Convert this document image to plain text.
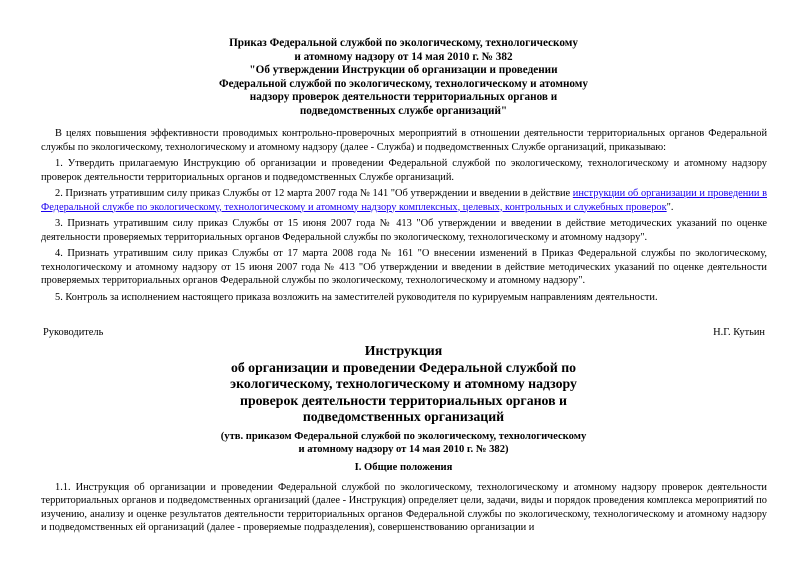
Приказ Федеральной службой по экологическому, технологическому
и атомному надзору от 14 мая 2010 г. № 382
"Об утверждении Инструкции об организации и проведении
Федеральной службой по экологическому, технологическому и атомному
надзору проверок деятельности территориальных органов и
подведомственных службе организаций"

В целях повышения эффективности проводимых контрольно-проверочных мероприятий в отношении деятельности территориальных органов Федеральной службы по экологическому, технологическому и атомному надзору (далее - Служба) и подведомственных Службе организаций, приказываю:

1. Утвердить прилагаемую Инструкцию об организации и проведении Федеральной службой по экологическому, технологическому и атомному надзору проверок деятельности территориальных органов и подведомственных Службе организаций.

2. Признать утратившим силу приказ Службы от 12 марта 2007 года № 141 "Об утверждении и введении в действие инструкции об организации и проведении в Федеральной службе по экологическому, технологическому и атомному надзору комплексных, целевых, контрольных и служебных проверок".

3. Признать утратившим силу приказ Службы от 15 июня 2007 года № 413 "Об утверждении и введении в действие методических указаний по оценке деятельности проверяемых территориальных органов Федеральной службы по экологическому, технологическому и атомному надзору".

4. Признать утратившим силу приказ Службы от 17 марта 2008 года № 161 "О внесении изменений в Приказ Федеральной службы по экологическому, технологическому и атомному надзору от 15 июня 2007 года № 413 "Об утверждении и введении в действие методических указаний по оценке деятельности проверяемых территориальных органов Федеральной службы по экологическому, технологическому и атомному надзору".

5. Контроль за исполнением настоящего приказа возложить на заместителей руководителя по курируемым направлениям деятельности.

Руководитель	Н.Г. Кутьин
Инструкция
об организации и проведении Федеральной службой по
экологическому, технологическому и атомному надзору
проверок деятельности территориальных органов и
подведомственных организаций
(утв. приказом Федеральной службой по экологическому, технологическому
и атомному надзору от 14 мая 2010 г. № 382)
I. Общие положения

1.1. Инструкция об организации и проведении Федеральной службой по экологическому, технологическому и атомному надзору проверок деятельности территориальных органов и подведомственных организаций (далее - Инструкция) определяет цели, задачи, виды и порядок проведения комплекса мероприятий по изучению, анализу и оценке результатов деятельности территориальных органов Федеральной службы по экологическому, технологическому и атомному надзору и подведомственных ей организаций (далее - проверяемые подразделения), совершенствованию организации и
